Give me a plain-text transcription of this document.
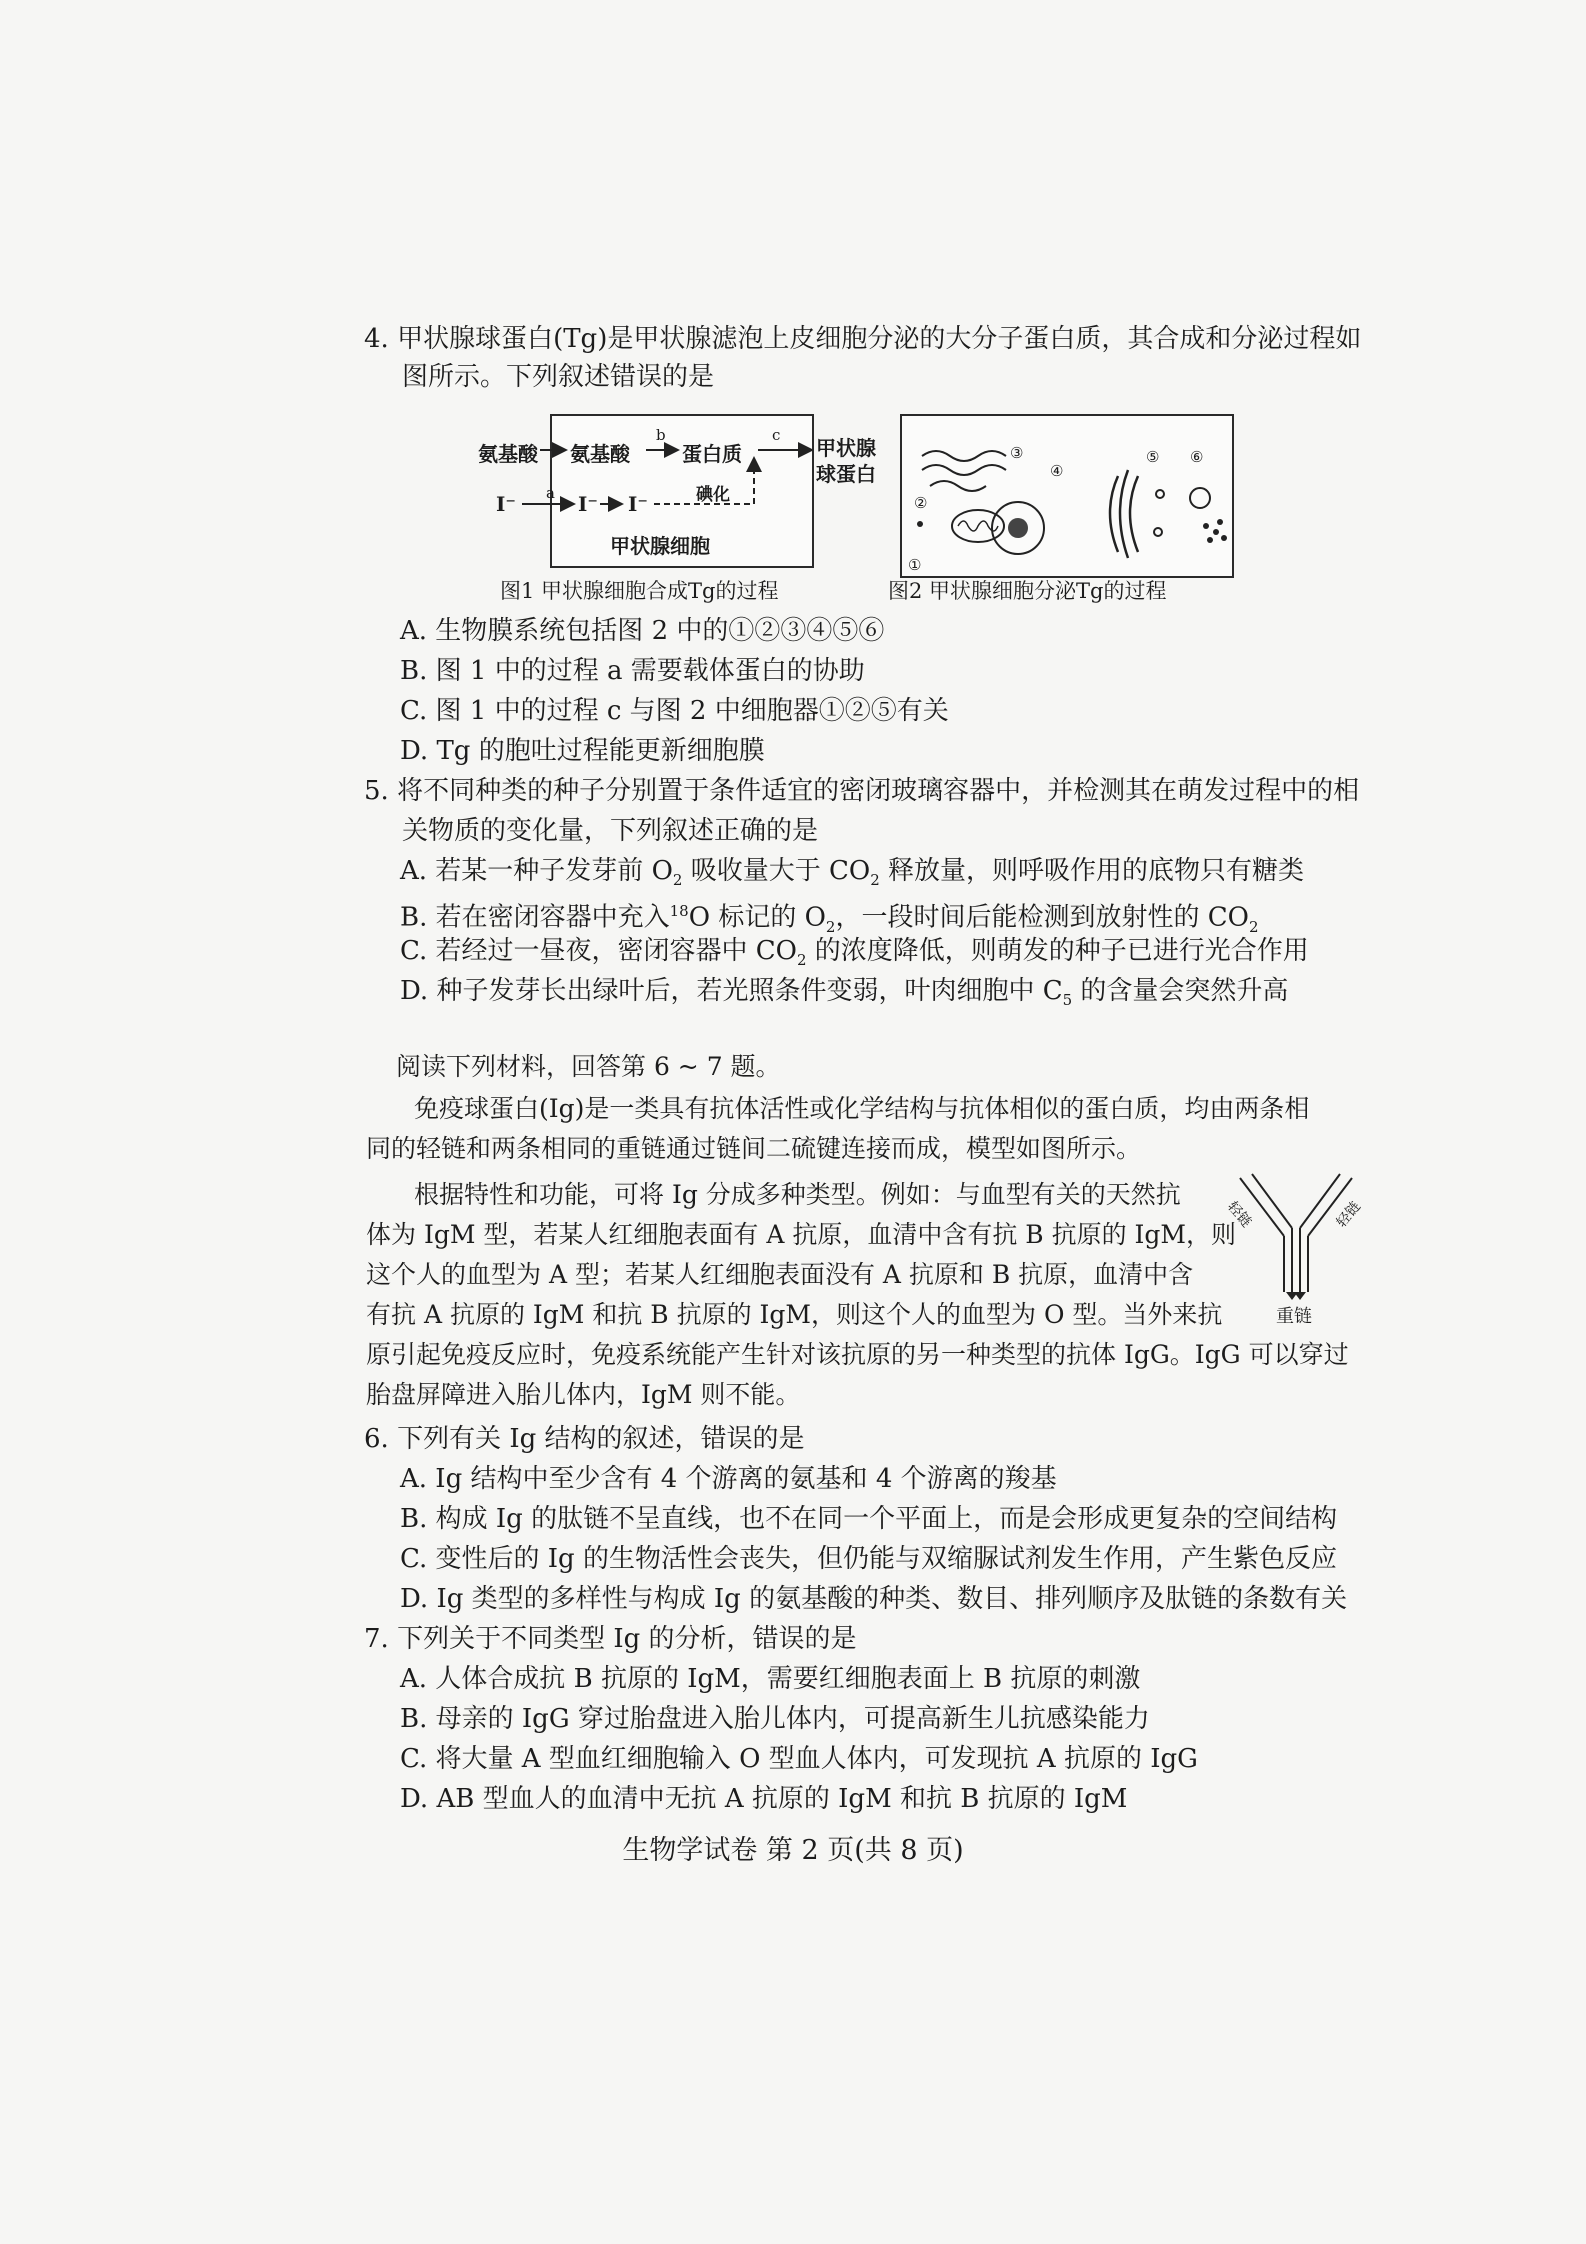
4. 甲状腺球蛋白(Tg)是甲状腺滤泡上皮细胞分泌的大分子蛋白质，其合成和分泌过程如
图所示。下列叙述错误的是
氨基酸 氨基酸	蛋白质	甲状腺
球蛋白
I⁻	I⁻ I⁻	碘化
甲状腺细胞
a
b	c
图1 甲状腺细胞合成Tg的过程
①
②
③
④
⑤ ⑥
图2 甲状腺细胞分泌Tg的过程
A. 生物膜系统包括图 2 中的①②③④⑤⑥
B. 图 1 中的过程 a 需要载体蛋白的协助
C. 图 1 中的过程 c 与图 2 中细胞器①②⑤有关
D. Tg 的胞吐过程能更新细胞膜
5. 将不同种类的种子分别置于条件适宜的密闭玻璃容器中，并检测其在萌发过程中的相
关物质的变化量，下列叙述正确的是
A. 若某一种子发芽前 $O_2$ 吸收量大于 $CO_2$ 释放量，则呼吸作用的底物只有糖类
B. 若在密闭容器中充入$^{18}$O 标记的 $O_2$，一段时间后能检测到放射性的 $CO_2$
C. 若经过一昼夜，密闭容器中 $CO_2$ 的浓度降低，则萌发的种子已进行光合作用
D. 种子发芽长出绿叶后，若光照条件变弱，叶肉细胞中 $C_5$ 的含量会突然升高
阅读下列材料，回答第 6 ~ 7 题。
免疫球蛋白(Ig)是一类具有抗体活性或化学结构与抗体相似的蛋白质，均由两条相
同的轻链和两条相同的重链通过链间二硫键连接而成，模型如图所示。
根据特性和功能，可将 Ig 分成多种类型。例如：与血型有关的天然抗
体为 IgM 型，若某人红细胞表面有 A 抗原，血清中含有抗 B 抗原的 IgM，则
这个人的血型为 A 型；若某人红细胞表面没有 A 抗原和 B 抗原，血清中含
有抗 A 抗原的 IgM 和抗 B 抗原的 IgM，则这个人的血型为 O 型。当外来抗
原引起免疫反应时，免疫系统能产生针对该抗原的另一种类型的抗体 IgG。IgG 可以穿过
胎盘屏障进入胎儿体内，IgM 则不能。
轻链	轻链
重链
6. 下列有关 Ig 结构的叙述，错误的是
A. Ig 结构中至少含有 4 个游离的氨基和 4 个游离的羧基
B. 构成 Ig 的肽链不呈直线，也不在同一个平面上，而是会形成更复杂的空间结构
C. 变性后的 Ig 的生物活性会丧失，但仍能与双缩脲试剂发生作用，产生紫色反应
D. Ig 类型的多样性与构成 Ig 的氨基酸的种类、数目、排列顺序及肽链的条数有关
7. 下列关于不同类型 Ig 的分析，错误的是
A. 人体合成抗 B 抗原的 IgM，需要红细胞表面上 B 抗原的刺激
B. 母亲的 IgG 穿过胎盘进入胎儿体内，可提高新生儿抗感染能力
C. 将大量 A 型血红细胞输入 O 型血人体内，可发现抗 A 抗原的 IgG
D. AB 型血人的血清中无抗 A 抗原的 IgM 和抗 B 抗原的 IgM
生物学试卷 第 2 页(共 8 页)
